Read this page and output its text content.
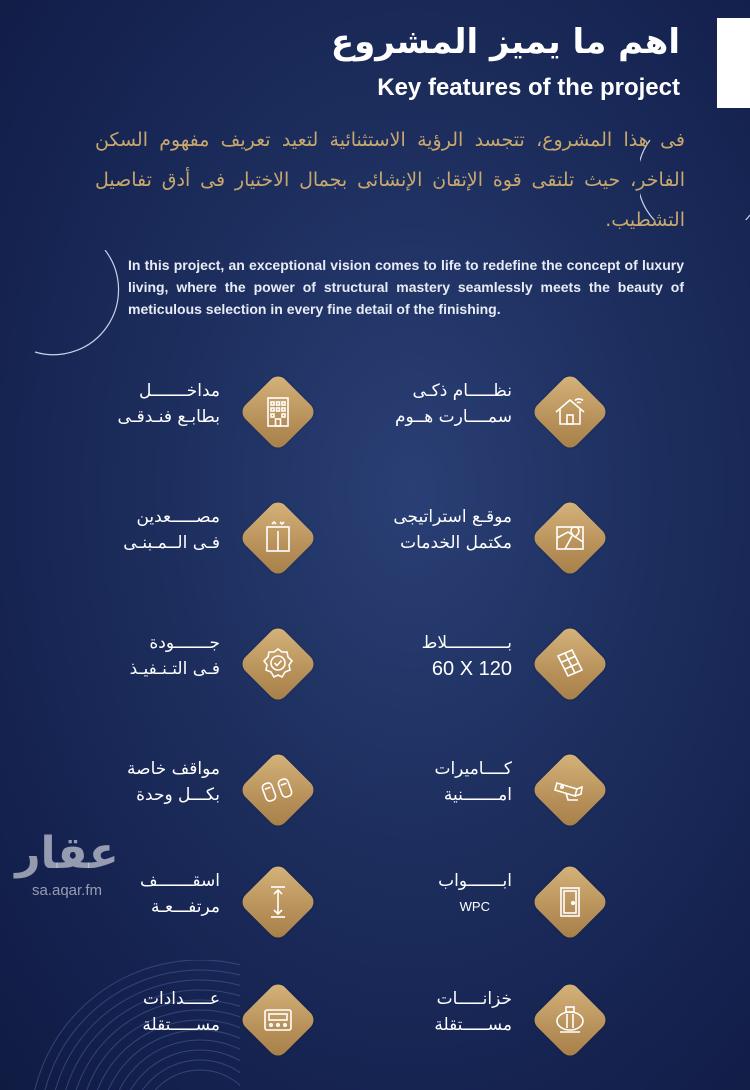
اهم ما يميز المشروع
Key features of the project

فى هذا المشروع، تتجسد الرؤية الاستثنائية لتعيد تعريف مفهوم السكن الفاخر، حيث تلتقى قوة الإتقان الإنشائى بجمال الاختيار فى أدق تفاصيل التشطيب.

In this project, an exceptional vision comes to life to redefine the concept of luxury living, where the power of structural mastery seamlessly meets the beauty of meticulous selection in every fine detail of the finishing.

نظـــــام ذكـى
سمــــارت هــوم
مداخـــــــل
بطابـع فنـدقـى
موقـع استراتيجى
مكتمل الخدمات
مصـــــعدين
فـى الــمـبنـى
بــــــــــــلاط
60 X 120
جـــــــودة
فـى التـنـفيـذ
كــــاميرات
امـــــــنية
مواقف خاصة
بكـــل وحدة
ابـــــــواب
WPC
اسقـــــــف
مرتفـــعـة
خزانـــــات
مســـــتقلة
عـــــدادات
مســـــتقلة
عقار
sa.aqar.fm
